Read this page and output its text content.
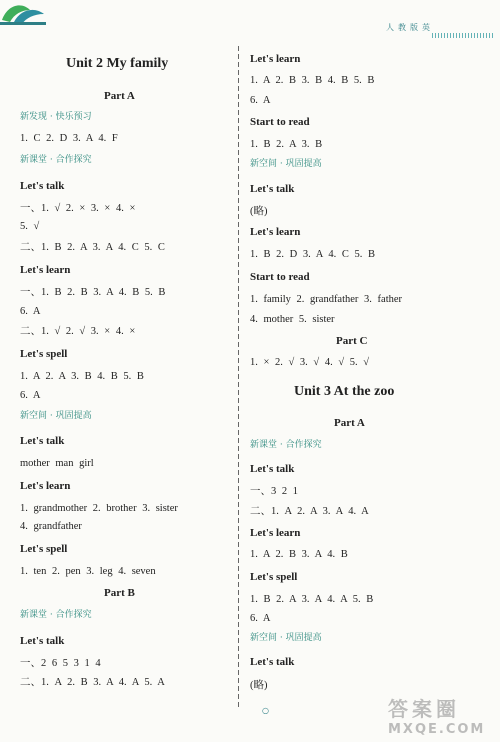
人 教 版 英
Unit 2 My family
Part A
新发现 · 快乐预习
1. C 2. D 3. A 4. F
新课堂 · 合作探究
Let's talk
一、1. √ 2. × 3. × 4. ×
5. √
二、1. B 2. A 3. A 4. C 5. C
Let's learn
一、1. B 2. B 3. A 4. B 5. B
6. A
二、1. √ 2. √ 3. × 4. ×
Let's spell
1. A 2. A 3. B 4. B 5. B
6. A
新空间 · 巩固提高
Let's talk
mother man girl
Let's learn
1. grandmother 2. brother 3. sister
4. grandfather
Let's spell
1. ten 2. pen 3. leg 4. seven
Part B
新课堂 · 合作探究
Let's talk
一、2 6 5 3 1 4
二、1. A 2. B 3. A 4. A 5. A
Let's learn
1. A 2. B 3. B 4. B 5. B
6. A
Start to read
1. B 2. A 3. B
新空间 · 巩固提高
Let's talk
(略)
Let's learn
1. B 2. D 3. A 4. C 5. B
Start to read
1. family 2. grandfather 3. father
4. mother 5. sister
Part C
1. × 2. √ 3. √ 4. √ 5. √
Unit 3 At the zoo
Part A
新课堂 · 合作探究
Let's talk
一、3 2 1
二、1. A 2. A 3. A 4. A
Let's learn
1. A 2. B 3. A 4. B
Let's spell
1. B 2. A 3. A 4. A 5. B
6. A
新空间 · 巩固提高
Let's talk
(略)
○	答案圈
MXQE.COM
